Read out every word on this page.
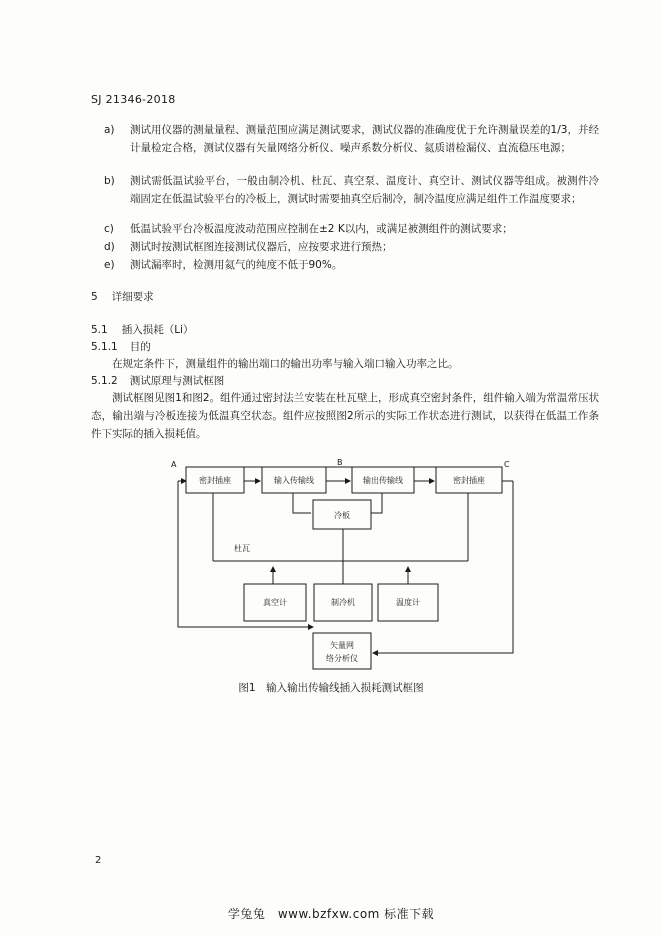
SJ 21346-2018
a)	测试用仪器的测量量程、测量范围应满足测试要求，测试仪器的准确度优于允许测量误差的1/3，并经计量检定合格，测试仪器有矢量网络分析仪、噪声系数分析仪、氦质谱检漏仪、直流稳压电源；
b)	测试需低温试验平台，一般由制冷机、杜瓦、真空泵、温度计、真空计、测试仪器等组成。被测件冷端固定在低温试验平台的冷板上，测试时需要抽真空后制冷，制冷温度应满足组件工作温度要求；
c)	低温试验平台冷板温度波动范围应控制在±2 K以内，或满足被测组件的测试要求；
d)	测试时按测试框图连接测试仪器后，应按要求进行预热；
e)	测试漏率时，检测用氦气的纯度不低于90%。
5 详细要求
5.1 插入损耗（Li）
5.1.1 目的
在规定条件下，测量组件的输出端口的输出功率与输入端口输入功率之比。
5.1.2 测试原理与测试框图
测试框图见图1和图2。组件通过密封法兰安装在杜瓦壁上，形成真空密封条件，组件输入端为常温常压状态，输出端与冷板连接为低温真空状态。组件应按照图2所示的实际工作状态进行测试，以获得在低温工作条件下实际的插入损耗值。
A	B	C
密封插座	输入传输线	输出传输线	密封插座
冷板
杜瓦
真空计	制冷机	温度计
矢量网
络分析仪
图1　输入输出传输线插入损耗测试框图
2
学兔兔　www.bzfxw.com 标准下载
